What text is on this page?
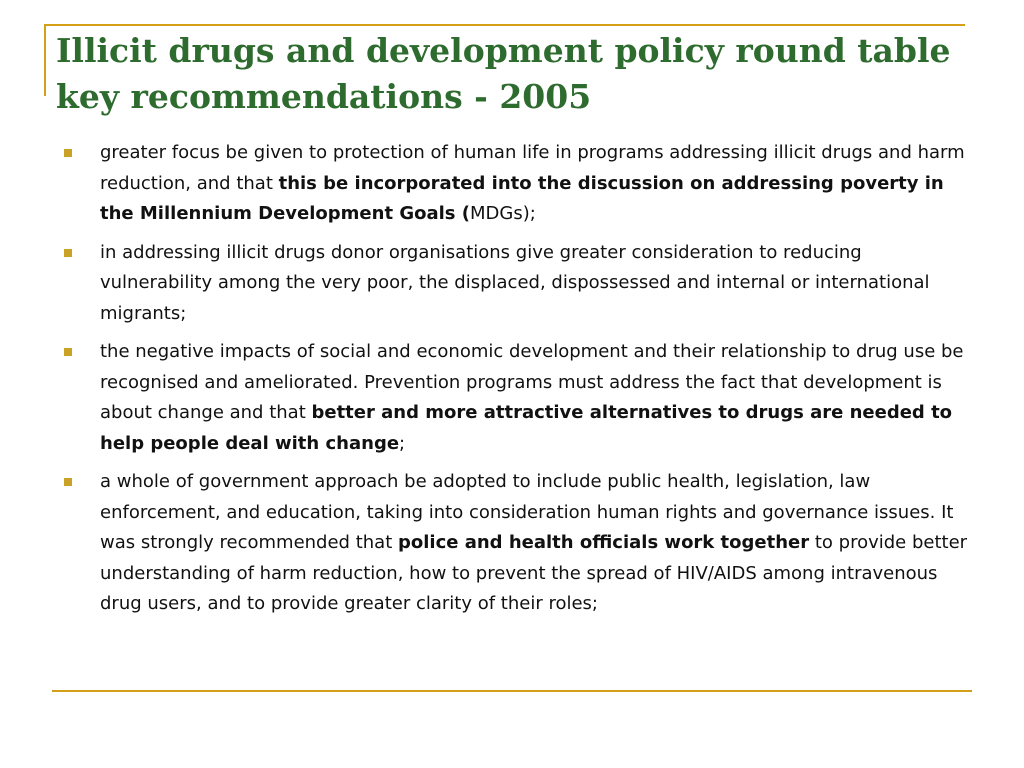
Illicit drugs and development policy round table key recommendations - 2005
greater focus be given to protection of human life in programs addressing illicit drugs and harm reduction, and that this be incorporated into the discussion on addressing poverty in the Millennium Development Goals (MDGs);
in addressing illicit drugs donor organisations give greater consideration to reducing vulnerability among the very poor, the displaced, dispossessed and internal or international migrants;
the negative impacts of social and economic development and their relationship to drug use be recognised and ameliorated. Prevention programs must address the fact that development is about change and that better and more attractive alternatives to drugs are needed to help people deal with change;
a whole of government approach be adopted to include public health, legislation, law enforcement, and education, taking into consideration human rights and governance issues. It was strongly recommended that police and health officials work together to provide better understanding of harm reduction, how to prevent the spread of HIV/AIDS among intravenous drug users, and to provide greater clarity of their roles;
